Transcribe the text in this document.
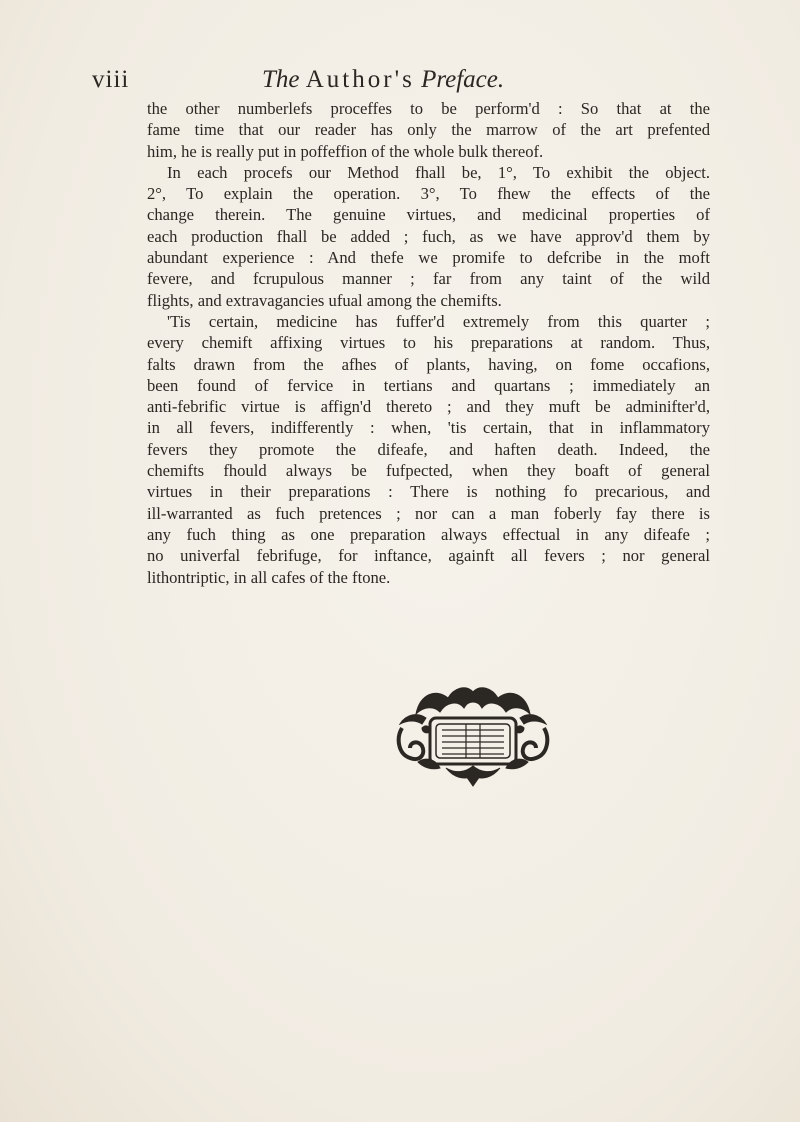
viii	The Author's Preface.
the other numberlefs proceffes to be perform'd : So that at the
fame time that our reader has only the marrow of the art prefented
him, he is really put in poffeffion of the whole bulk thereof.
In each procefs our Method fhall be, 1°, To exhibit the object.
2°, To explain the operation. 3°, To fhew the effects of the
change therein. The genuine virtues, and medicinal properties of
each production fhall be added ; fuch, as we have approv'd them by
abundant experience : And thefe we promife to defcribe in the moft
fevere, and fcrupulous manner ; far from any taint of the wild
flights, and extravagancies ufual among the chemifts.
'Tis certain, medicine has fuffer'd extremely from this quarter ;
every chemift affixing virtues to his preparations at random. Thus,
falts drawn from the afhes of plants, having, on fome occafions,
been found of fervice in tertians and quartans ; immediately an
anti-febrific virtue is affign'd thereto ; and they muft be adminifter'd,
in all fevers, indifferently : when, 'tis certain, that in inflammatory
fevers they promote the difeafe, and haften death. Indeed, the
chemifts fhould always be fufpected, when they boaft of general
virtues in their preparations : There is nothing fo precarious, and
ill-warranted as fuch pretences ; nor can a man foberly fay there is
any fuch thing as one preparation always effectual in any difeafe ;
no univerfal febrifuge, for inftance, againft all fevers ; nor general
lithontriptic, in all cafes of the ftone.
